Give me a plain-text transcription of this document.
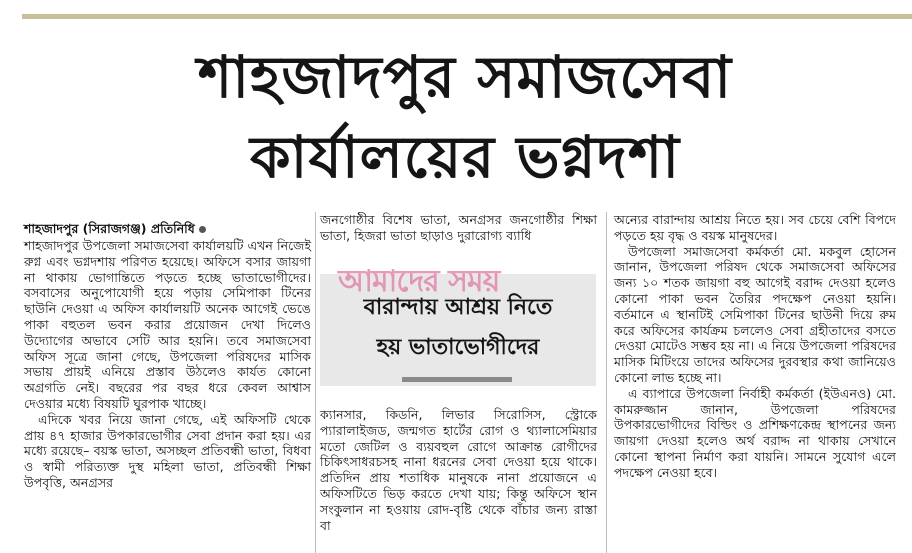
শাহজাদপুর সমাজসেবা
কার্যালয়ের ভগ্নদশা
শাহজাদপুর (সিরাজগঞ্জ) প্রতিনিধি

শাহজাদপুর উপজেলা সমাজসেবা কার্যালয়টি এখন নিজেই রুগ্ন এবং ভগ্নদশায় পরিণত হয়েছে। অফিসে বসার জায়গা না থাকায় ভোগান্তিতে পড়তে হচ্ছে ভাতাভোগীদের। বসবাসের অনুপোযোগী হয়ে পড়ায় সেমিপাকা টিনের ছাউনি দেওয়া এ অফিস কার্যালয়টি অনেক আগেই ভেঙে পাকা বহুতল ভবন করার প্রয়োজন দেখা দিলেও উদ্যোগের অভাবে সেটি আর হয়নি। তবে সমাজসেবা অফিস সূত্রে জানা গেছে, উপজেলা পরিষদের মাসিক সভায় প্রায়ই এনিয়ে প্রস্তাব উঠলেও কার্যত কোনো অগ্রগতি নেই। বছরের পর বছর ধরে কেবল আশ্বাস দেওয়ার মধ্যে বিষয়টি ঘুরপাক খাচ্ছে।

এদিকে খবর নিয়ে জানা গেছে, এই অফিসটি থেকে প্রায় ৪৭ হাজার উপকারভোগীর সেবা প্রদান করা হয়। এর মধ্যে রয়েছে– বয়স্ক ভাতা, অসচ্ছল প্রতিবন্ধী ভাতা, বিধবা ও স্বামী পরিত্যক্ত দুস্থ মহিলা ভাতা, প্রতিবন্ধী শিক্ষা উপবৃত্তি, অনগ্রসর

জনগোষ্ঠীর বিশেষ ভাতা, অনগ্রসর জনগোষ্ঠীর শিক্ষা ভাতা, হিজরা ভাতা ছাড়াও দুরারোগ্য ব্যাধি

বারান্দায় আশ্রয় নিতে
হয় ভাতাভোগীদের
আমাদের সময়

ক্যানসার, কিডনি, লিভার সিরোসিস, স্ট্রোকে প্যারালাইজড, জন্মগত হার্টের রোগ ও থ্যালাসেমিয়ার মতো জেটিল ও ব্যয়বহুল রোগে আক্রান্ত রোগীদের চিকিৎসাধরচসহ নানা ধরনের সেবা দেওয়া হয়ে থাকে। প্রতিদিন প্রায় শতাধিক মানুষকে নানা প্রয়োজনে এ অফিসটিতে ভিড় করতে দেখা যায়; কিন্তু অফিসে স্থান সংকুলান না হওয়ায় রোদ-বৃষ্টি থেকে বাঁচার জন্য রাস্তা বা

অন্যের বারান্দায় আশ্রয় নিতে হয়। সব চেয়ে বেশি বিপদে পড়তে হয় বৃদ্ধ ও বয়স্ক মানুষদের।

উপজেলা সমাজসেবা কর্মকর্তা মো. মকবুল হোসেন জানান, উপজেলা পরিষদ থেকে সমাজসেবা অফিসের জন্য ১০ শতক জায়গা বহু আগেই বরাদ্দ দেওয়া হলেও কোনো পাকা ভবন তৈরির পদক্ষেপ নেওয়া হয়নি। বর্তমানে এ স্থানটিই সেমিপাকা টিনের ছাউনী দিয়ে রুম করে অফিসের কার্যক্রম চললেও সেবা গ্রহীতাদের বসতে দেওয়া মোটেও সম্ভব হয় না। এ নিয়ে উপজেলা পরিষদের মাসিক মিটিংয়ে তাদের অফিসের দুরবস্থার কথা জানিয়েও কোনো লাভ হচ্ছে না।

এ ব্যাপারে উপজেলা নির্বাহী কর্মকর্তা (ইউএনও) মো. কামরুজ্জান জানান, উপজেলা পরিষদের উপকারভোগীদের বিল্ডিং ও প্রশিক্ষণকেন্দ্র স্থাপনের জন্য জায়গা দেওয়া হলেও অর্থ বরাদ্দ না থাকায় সেখানে কোনো স্থাপনা নির্মাণ করা যায়নি। সামনে সুযোগ এলে পদক্ষেপ নেওয়া হবে।
